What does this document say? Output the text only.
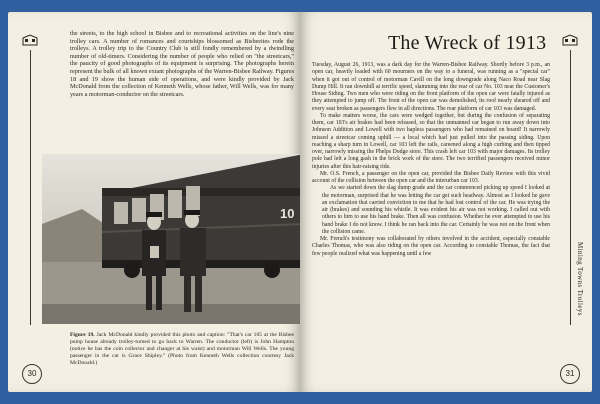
the streets, to the high school in Bisbee and to recreational activities on the line's nine trolley cars. A number of romances and courtships blossomed as Bisbeeites rode the trolleys. A trolley trip to the Country Club is still fondly remembered by a dwindling number of old-timers. Considering the number of people who relied on "the streetcars," the paucity of good photographs of its equipment is surprising. The photographs herein represent the bulk of all known extant photographs of the Warren-Bisbee Railway. Figures 18 and 19 show the human side of operations, and were kindly provided by Jack McDonald from the collection of Kenneth Wells, whose father, Will Wells, was for many years a motorman-conductor on the streetcars.

10
Figure 19. Jack McDonald kindly provided this photo and caption: "That's car 105 at the Bisbee pump house already trolley-turned to go back to Warren. The conductor (left) is John Hampton (notice he has the coin collector and changer at his waist) and motorman Will Wells. The young passenger in the car is Grace Shipley." (Photo from Kenneth Wells collection courtesy Jack McDonald.)
30
The Wreck of 1913

Tuesday, August 26, 1913, was a dark day for the Warren-Bisbee Railway. Shortly before 3 p.m., an open car, heavily loaded with 60 mourners on the way to a funeral, was running as a "special car" when it got out of control of motorman Cavill on the long downgrade along Naco Road near Slag Dump Hill. It ran downhill at terrific speed, slamming into the rear of car No. 103 near the Customer's House Siding. Two men who were riding on the front platform of the open car were fatally injured as they attempted to jump off. The front of the open car was demolished, its roof nearly sheared off and every seat broken as passengers flew in all directions. The rear platform of car 103 was damaged.

To make matters worse, the cars were wedged together, but during the confusion of separating them, car 103's air brakes had been released, so that the unmanned car began to run away down into Johnson Addition and Lowell with two hapless passengers who had remained on board! It narrowly missed a streetcar coming uphill — a local which had just pulled into the passing siding. Upon reaching a sharp turn in Lowell, car 103 left the rails, careened along a high curbing and then tipped over, narrowly missing the Phelps Dodge store. This crash left car 103 with major damages. Its trolley pole had left a long gash in the brick work of the store. The two terrified passengers received minor injuries after this hair-raising ride.

Mr. O.S. French, a passenger on the open car, provided the Bisbee Daily Review with this vivid account of the collision between the open car and the interurban car 103.

As we started down the slag dump grade and the car commenced picking up speed I looked at the motorman, surprised that he was letting the car get such headway. Almost as I looked he gave an exclamation that carried conviction to me that he had lost control of the car. He was trying the air (brakes) and sounding his whistle. It was evident his air was not working. I called out with others to him to use his hand brake. Then all was confusion. Whether he ever attempted to use his hand brake I do not know. I think he ran back into the car. Certainly he was not on the front when the collision came.

Mr. French's testimony was collaborated by others involved in the accident, especially constable Charles Thomas, who was also riding on the open car. According to constable Thomas, the fact that few people realized what was happening until a few	Mining Towns Trolleys
31
